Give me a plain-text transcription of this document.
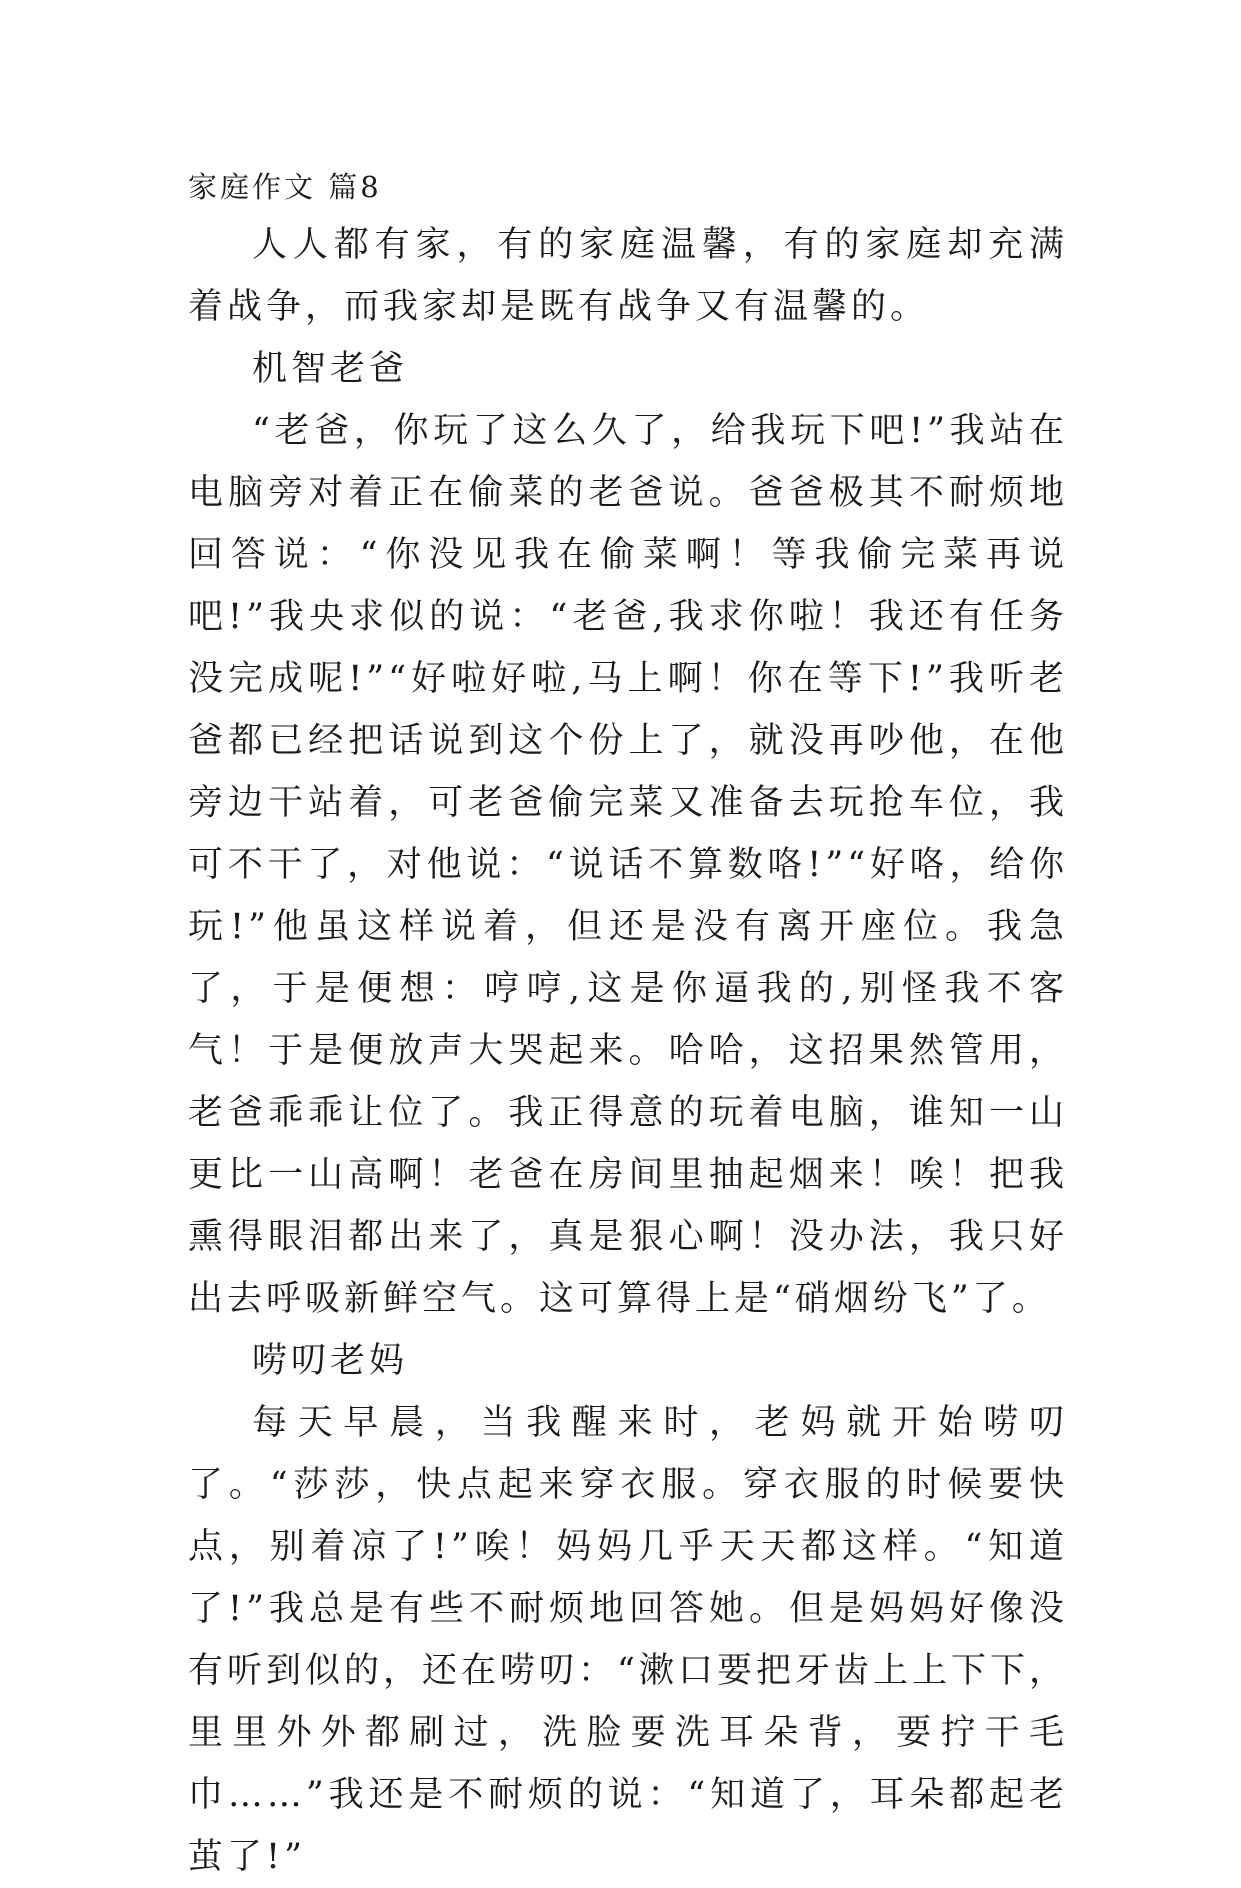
家庭作文 篇8

人人都有家，有的家庭温馨，有的家庭却充满着战争，而我家却是既有战争又有温馨的。

机智老爸

“老爸，你玩了这么久了，给我玩下吧!”我站在电脑旁对着正在偷菜的老爸说。爸爸极其不耐烦地回答说：“你没见我在偷菜啊！等我偷完菜再说吧!”我央求似的说：“老爸,我求你啦！我还有任务没完成呢!”“好啦好啦,马上啊！你在等下!”我听老爸都已经把话说到这个份上了，就没再吵他，在他旁边干站着，可老爸偷完菜又准备去玩抢车位，我可不干了，对他说：“说话不算数咯!”“好咯，给你玩!”他虽这样说着，但还是没有离开座位。我急了，于是便想：哼哼,这是你逼我的,别怪我不客气！于是便放声大哭起来。哈哈，这招果然管用，老爸乖乖让位了。我正得意的玩着电脑，谁知一山更比一山高啊！老爸在房间里抽起烟来！唉！把我熏得眼泪都出来了，真是狠心啊！没办法，我只好出去呼吸新鲜空气。这可算得上是“硝烟纷飞”了。

唠叨老妈

每天早晨，当我醒来时，老妈就开始唠叨了。“莎莎，快点起来穿衣服。穿衣服的时候要快点，别着凉了!”唉！妈妈几乎天天都这样。“知道了!”我总是有些不耐烦地回答她。但是妈妈好像没有听到似的，还在唠叨：“漱口要把牙齿上上下下，里里外外都刷过，洗脸要洗耳朵背，要拧干毛巾……”我还是不耐烦的说：“知道了，耳朵都起老茧了!”
